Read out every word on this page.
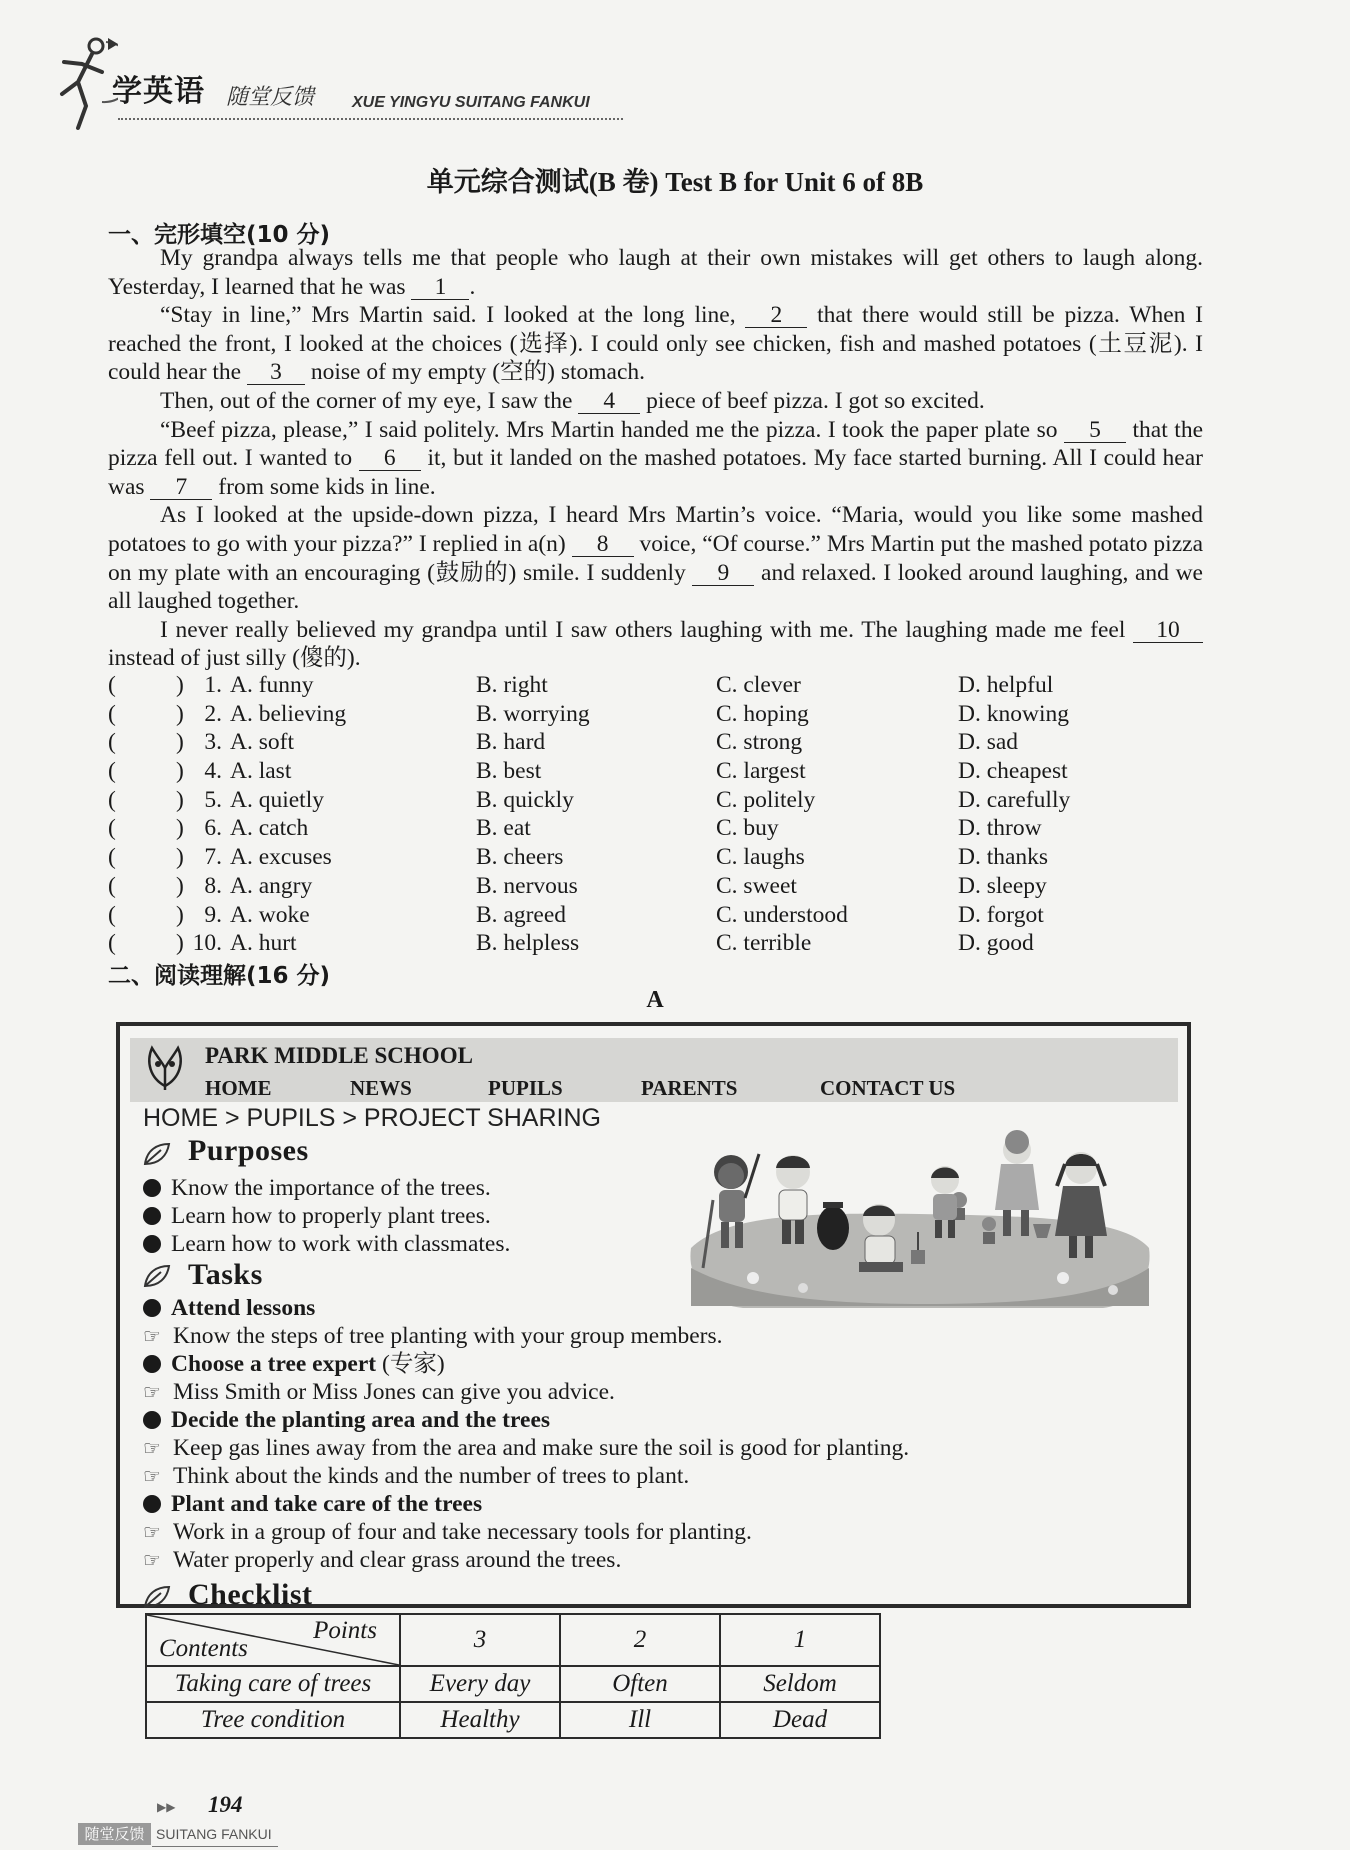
学英语 随堂反馈 XUE YINGYU SUITANG FANKUI
单元综合测试(B 卷) Test B for Unit 6 of 8B
一、完形填空(10 分)

My grandpa always tells me that people who laugh at their own mistakes will get others to laugh along. Yesterday, I learned that he was 1 .

“Stay in line,” Mrs Martin said. I looked at the long line, 2 that there would still be pizza. When I reached the front, I looked at the choices (选择). I could only see chicken, fish and mashed potatoes (土豆泥). I could hear the 3 noise of my empty (空的) stomach.

Then, out of the corner of my eye, I saw the 4 piece of beef pizza. I got so excited.

“Beef pizza, please,” I said politely. Mrs Martin handed me the pizza. I took the paper plate so 5 that the pizza fell out. I wanted to 6 it, but it landed on the mashed potatoes. My face started burning. All I could hear was 7 from some kids in line.

As I looked at the upside-down pizza, I heard Mrs Martin’s voice. “Maria, would you like some mashed potatoes to go with your pizza?” I replied in a(n) 8 voice, “Of course.” Mrs Martin put the mashed potato pizza on my plate with an encouraging (鼓励的) smile. I suddenly 9 and relaxed. I looked around laughing, and we all laughed together.

I never really believed my grandpa until I saw others laughing with me. The laughing made me feel 10 instead of just silly (傻的).

(	) 1. A. funny	B. right	C. clever	D. helpful
(	) 2. A. believing	B. worrying	C. hoping	D. knowing
(	) 3. A. soft	B. hard	C. strong	D. sad
(	) 4. A. last	B. best	C. largest	D. cheapest
(	) 5. A. quietly	B. quickly	C. politely	D. carefully
(	) 6. A. catch	B. eat	C. buy	D. throw
(	) 7. A. excuses	B. cheers	C. laughs	D. thanks
(	) 8. A. angry	B. nervous	C. sweet	D. sleepy
(	) 9. A. woke	B. agreed	C. understood	D. forgot
(	) 10. A. hurt	B. helpless	C. terrible	D. good
二、阅读理解(16 分)
A
PARK MIDDLE SCHOOL
HOME	NEWS	PUPILS	PARENTS	CONTACT US
HOME > PUPILS > PROJECT SHARING
Purposes
Know the importance of the trees.
Learn how to properly plant trees.
Learn how to work with classmates.
Tasks
Attend lessons
☞ Know the steps of tree planting with your group members.
Choose a tree expert (专家)
☞ Miss Smith or Miss Jones can give you advice.
Decide the planting area and the trees
☞ Keep gas lines away from the area and make sure the soil is good for planting.
☞ Think about the kinds and the number of trees to plant.
Plant and take care of the trees
☞ Work in a group of four and take necessary tools for planting.
☞ Water properly and clear grass around the trees.
Checklist
Points
Contents	3	2	1
Taking care of trees	Every day	Often	Seldom
Tree condition	Healthy	Ill	Dead
▶▶ 194
随堂反馈 SUITANG FANKUI
